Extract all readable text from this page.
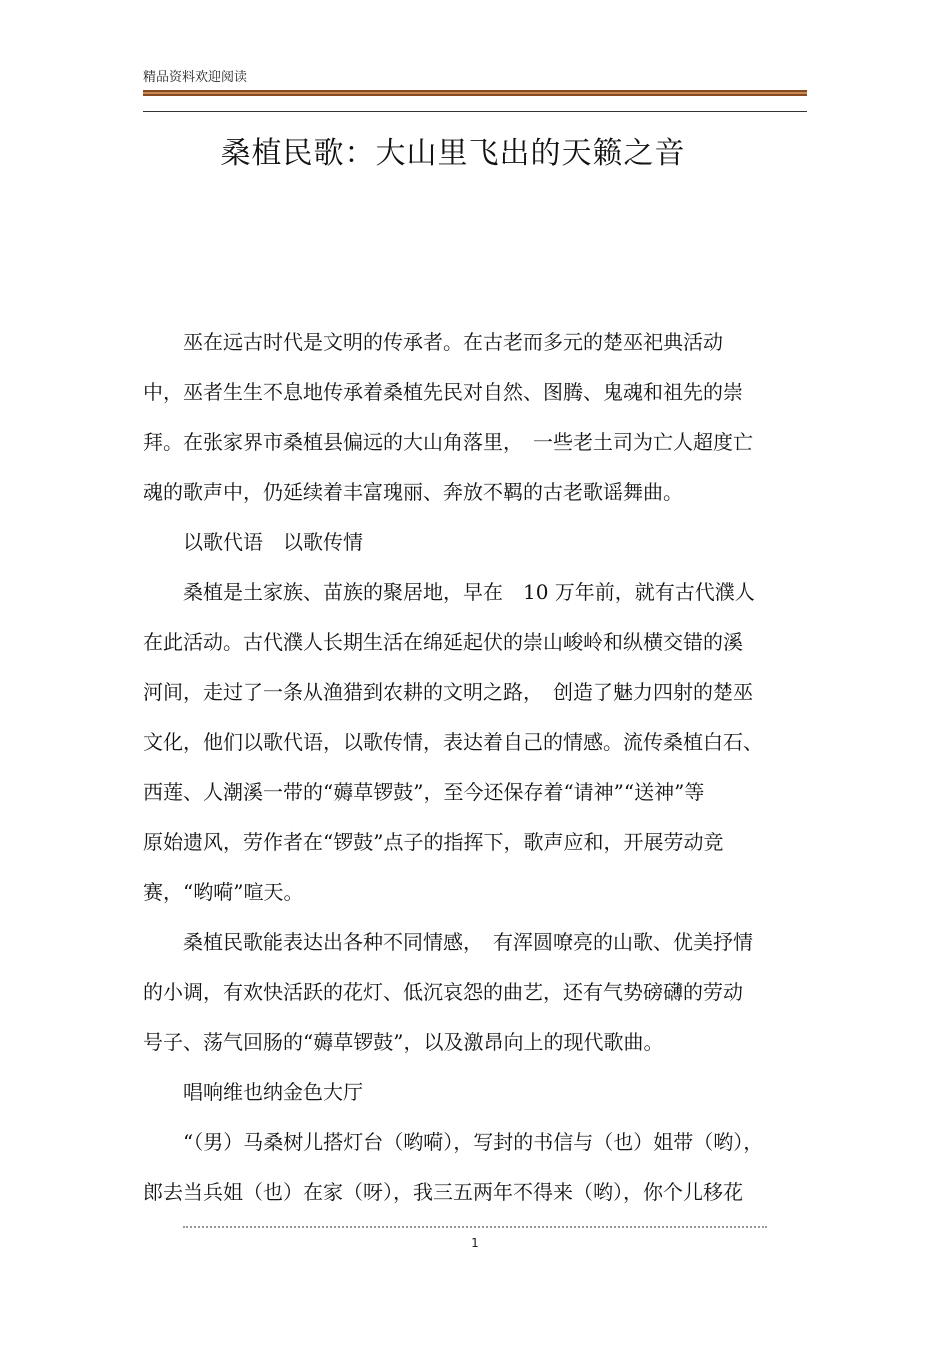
精品资料欢迎阅读
桑植民歌：大山里飞出的天籁之音
　　巫在远古时代是文明的传承者。在古老而多元的楚巫祀典活动
中，巫者生生不息地传承着桑植先民对自然、图腾、鬼魂和祖先的崇
拜。在张家界市桑植县偏远的大山角落里，　一些老土司为亡人超度亡
魂的歌声中，仍延续着丰富瑰丽、奔放不羁的古老歌谣舞曲。
　　以歌代语　以歌传情
　　桑植是土家族、苗族的聚居地，早在　10 万年前，就有古代濮人
在此活动。古代濮人长期生活在绵延起伏的崇山峻岭和纵横交错的溪
河间，走过了一条从渔猎到农耕的文明之路，　创造了魅力四射的楚巫
文化，他们以歌代语，以歌传情，表达着自己的情感。流传桑植白石、
西莲、人潮溪一带的“薅草锣鼓”，至今还保存着“请神”“送神”等
原始遗风，劳作者在“锣鼓”点子的指挥下，歌声应和，开展劳动竞
赛，“哟嗬”喧天。
　　桑植民歌能表达出各种不同情感，　有浑圆嘹亮的山歌、优美抒情
的小调，有欢快活跃的花灯、低沉哀怨的曲艺，还有气势磅礴的劳动
号子、荡气回肠的“薅草锣鼓”，以及激昂向上的现代歌曲。
　　唱响维也纳金色大厅
　　“（男）马桑树儿搭灯台（哟嗬），写封的书信与（也）姐带（哟），
郎去当兵姐（也）在家（呀），我三五两年不得来（哟），你个儿移花
1
